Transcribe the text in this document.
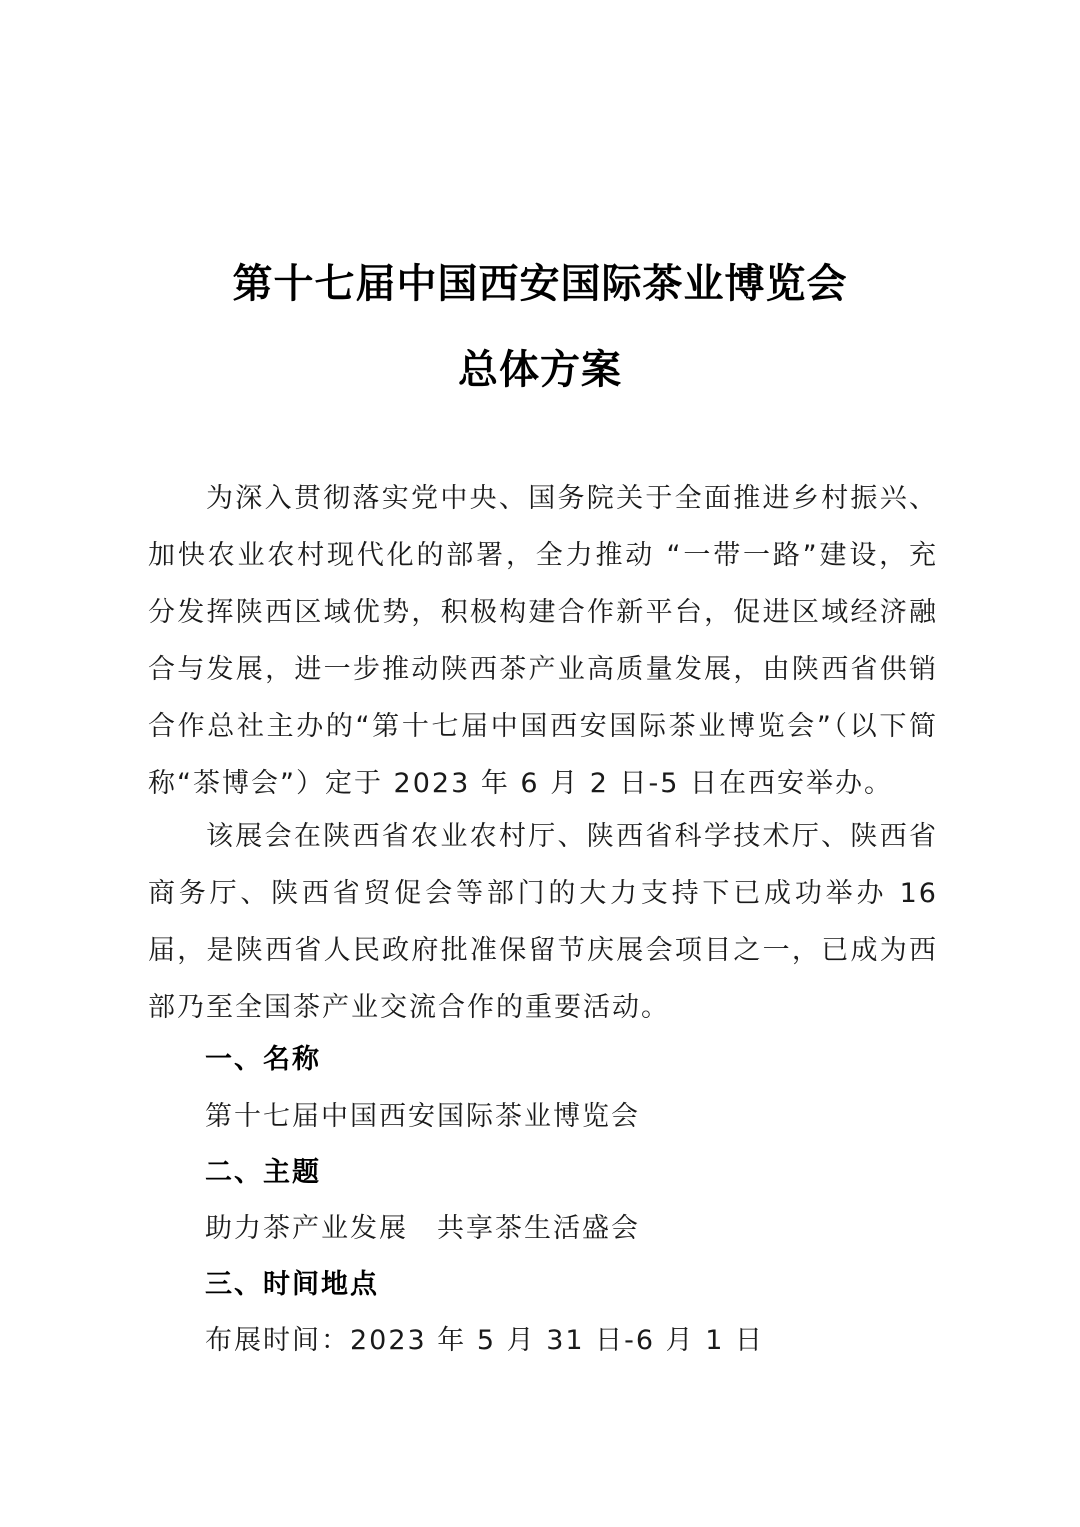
第十七届中国西安国际茶业博览会
总体方案

为深入贯彻落实党中央、国务院关于全面推进乡村振兴、加快农业农村现代化的部署，全力推动 “一带一路”建设，充分发挥陕西区域优势，积极构建合作新平台，促进区域经济融合与发展，进一步推动陕西茶产业高质量发展，由陕西省供销合作总社主办的“第十七届中国西安国际茶业博览会”（以下简称“茶博会”）定于 2023 年 6 月 2 日-5 日在西安举办。

该展会在陕西省农业农村厅、陕西省科学技术厅、陕西省商务厅、陕西省贸促会等部门的大力支持下已成功举办 16 届，是陕西省人民政府批准保留节庆展会项目之一，已成为西部乃至全国茶产业交流合作的重要活动。

一、名称
第十七届中国西安国际茶业博览会
二、主题
助力茶产业发展　共享茶生活盛会
三、时间地点
布展时间：2023 年 5 月 31 日-6 月 1 日
